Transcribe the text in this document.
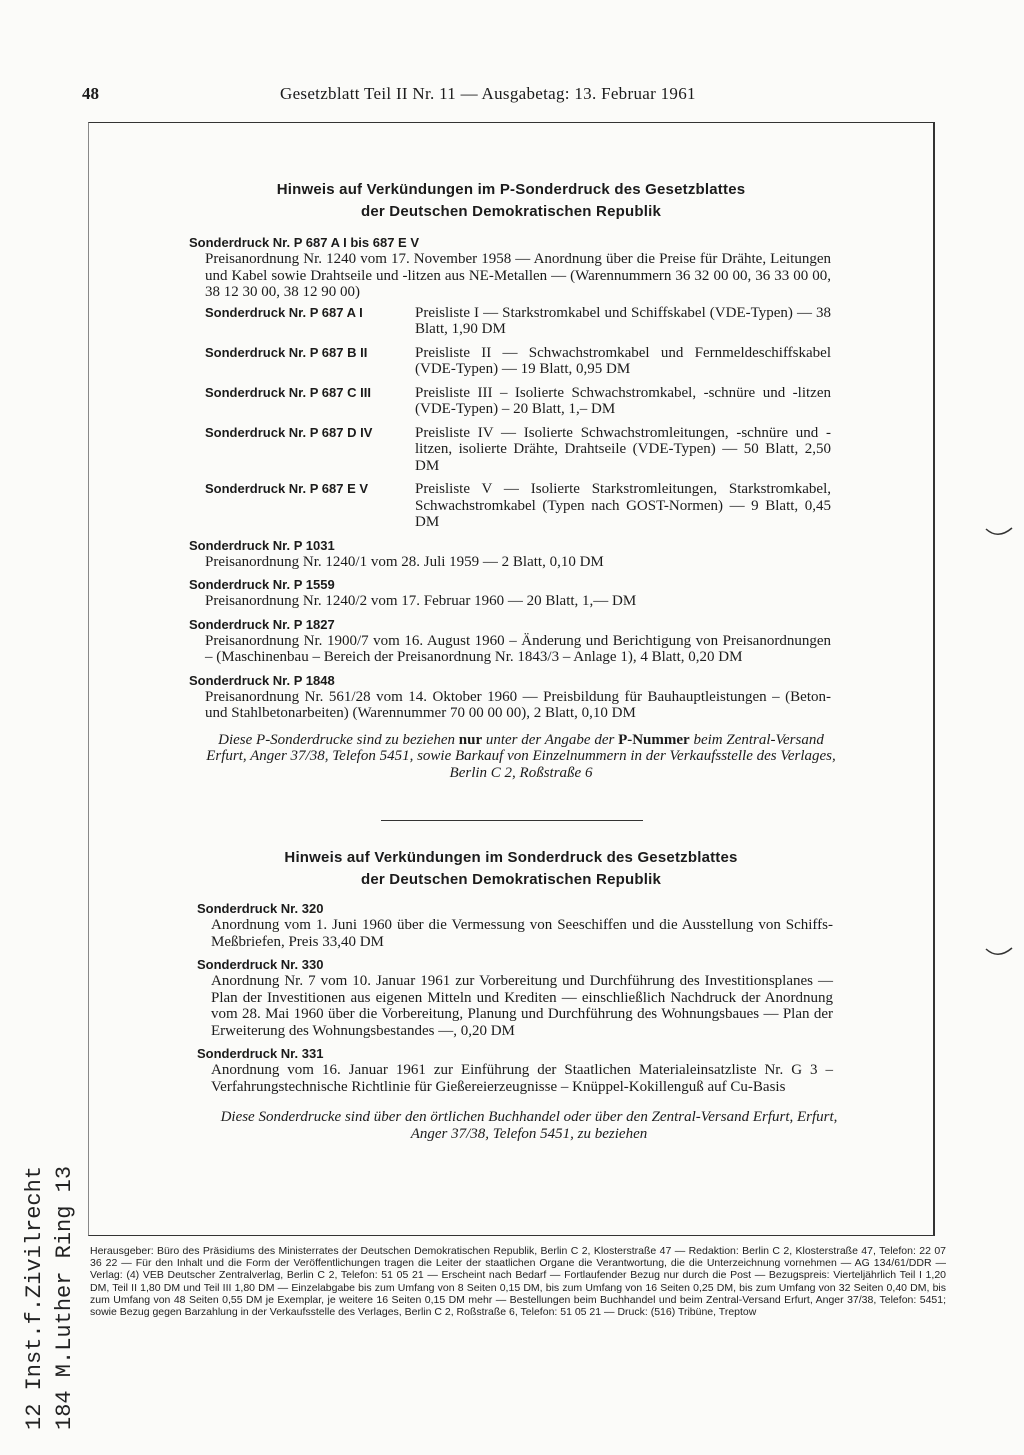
48	Gesetzblatt Teil II Nr. 11 — Ausgabetag: 13. Februar 1961
Hinweis auf Verkündungen im P-Sonderdruck des Gesetzblattes
der Deutschen Demokratischen Republik
Sonderdruck Nr. P 687 A I bis 687 E V
Preisanordnung Nr. 1240 vom 17. November 1958 — Anordnung über die Preise für Drähte, Leitungen und Kabel sowie Drahtseile und -litzen aus NE-Metallen — (Warennummern 36 32 00 00, 36 33 00 00, 38 12 30 00, 38 12 90 00)
Sonderdruck Nr. P 687 A I	Preisliste I — Starkstromkabel und Schiffskabel (VDE-Typen) — 38 Blatt, 1,90 DM
Sonderdruck Nr. P 687 B II	Preisliste II — Schwachstromkabel und Fernmeldeschiffskabel (VDE-Typen) — 19 Blatt, 0,95 DM
Sonderdruck Nr. P 687 C III	Preisliste III – Isolierte Schwachstromkabel, -schnüre und -litzen (VDE-Typen) – 20 Blatt, 1,– DM
Sonderdruck Nr. P 687 D IV	Preisliste IV — Isolierte Schwachstromleitungen, -schnüre und -litzen, isolierte Drähte, Drahtseile (VDE-Typen) — 50 Blatt, 2,50 DM
Sonderdruck Nr. P 687 E V	Preisliste V — Isolierte Starkstromleitungen, Starkstromkabel, Schwachstromkabel (Typen nach GOST-Normen) — 9 Blatt, 0,45 DM
Sonderdruck Nr. P 1031
Preisanordnung Nr. 1240/1 vom 28. Juli 1959 — 2 Blatt, 0,10 DM
Sonderdruck Nr. P 1559
Preisanordnung Nr. 1240/2 vom 17. Februar 1960 — 20 Blatt, 1,— DM
Sonderdruck Nr. P 1827
Preisanordnung Nr. 1900/7 vom 16. August 1960 – Änderung und Berichtigung von Preisanordnungen – (Maschinenbau – Bereich der Preisanordnung Nr. 1843/3 – Anlage 1), 4 Blatt, 0,20 DM
Sonderdruck Nr. P 1848
Preisanordnung Nr. 561/28 vom 14. Oktober 1960 — Preisbildung für Bauhauptleistungen – (Beton- und Stahlbetonarbeiten) (Warennummer 70 00 00 00), 2 Blatt, 0,10 DM
Diese P-Sonderdrucke sind zu beziehen nur unter der Angabe der P-Nummer beim Zentral-Versand Erfurt, Anger 37/38, Telefon 5451, sowie Barkauf von Einzelnummern in der Verkaufsstelle des Verlages, Berlin C 2, Roßstraße 6
Hinweis auf Verkündungen im Sonderdruck des Gesetzblattes
der Deutschen Demokratischen Republik
Sonderdruck Nr. 320
Anordnung vom 1. Juni 1960 über die Vermessung von Seeschiffen und die Ausstellung von Schiffs-Meßbriefen, Preis 33,40 DM
Sonderdruck Nr. 330
Anordnung Nr. 7 vom 10. Januar 1961 zur Vorbereitung und Durchführung des Investitionsplanes — Plan der Investitionen aus eigenen Mitteln und Krediten — einschließlich Nachdruck der Anordnung vom 28. Mai 1960 über die Vorbereitung, Planung und Durchführung des Wohnungsbaues — Plan der Erweiterung des Wohnungsbestandes —, 0,20 DM
Sonderdruck Nr. 331
Anordnung vom 16. Januar 1961 zur Einführung der Staatlichen Materialeinsatzliste Nr. G 3 – Verfahrungstechnische Richtlinie für Gießereierzeugnisse – Knüppel-Kokillenguß auf Cu-Basis
Diese Sonderdrucke sind über den örtlichen Buchhandel oder über den Zentral-Versand Erfurt, Erfurt, Anger 37/38, Telefon 5451, zu beziehen
Herausgeber: Büro des Präsidiums des Ministerrates der Deutschen Demokratischen Republik, Berlin C 2, Klosterstraße 47 — Redaktion: Berlin C 2, Klosterstraße 47, Telefon: 22 07 36 22 — Für den Inhalt und die Form der Veröffentlichungen tragen die Leiter der staatlichen Organe die Verantwortung, die die Unterzeichnung vornehmen — AG 134/61/DDR — Verlag: (4) VEB Deutscher Zentralverlag, Berlin C 2, Telefon: 51 05 21 — Erscheint nach Bedarf — Fortlaufender Bezug nur durch die Post — Bezugspreis: Vierteljährlich Teil I 1,20 DM, Teil II 1,80 DM und Teil III 1,80 DM — Einzelabgabe bis zum Umfang von 8 Seiten 0,15 DM, bis zum Umfang von 16 Seiten 0,25 DM, bis zum Umfang von 32 Seiten 0,40 DM, bis zum Umfang von 48 Seiten 0,55 DM je Exemplar, je weitere 16 Seiten 0,15 DM mehr — Bestellungen beim Buchhandel und beim Zentral-Versand Erfurt, Anger 37/38, Telefon: 5451; sowie Bezug gegen Barzahlung in der Verkaufsstelle des Verlages, Berlin C 2, Roßstraße 6, Telefon: 51 05 21 — Druck: (516) Tribüne, Treptow
12 Inst.f.Zivilrecht 184 M.Luther Ring 13
